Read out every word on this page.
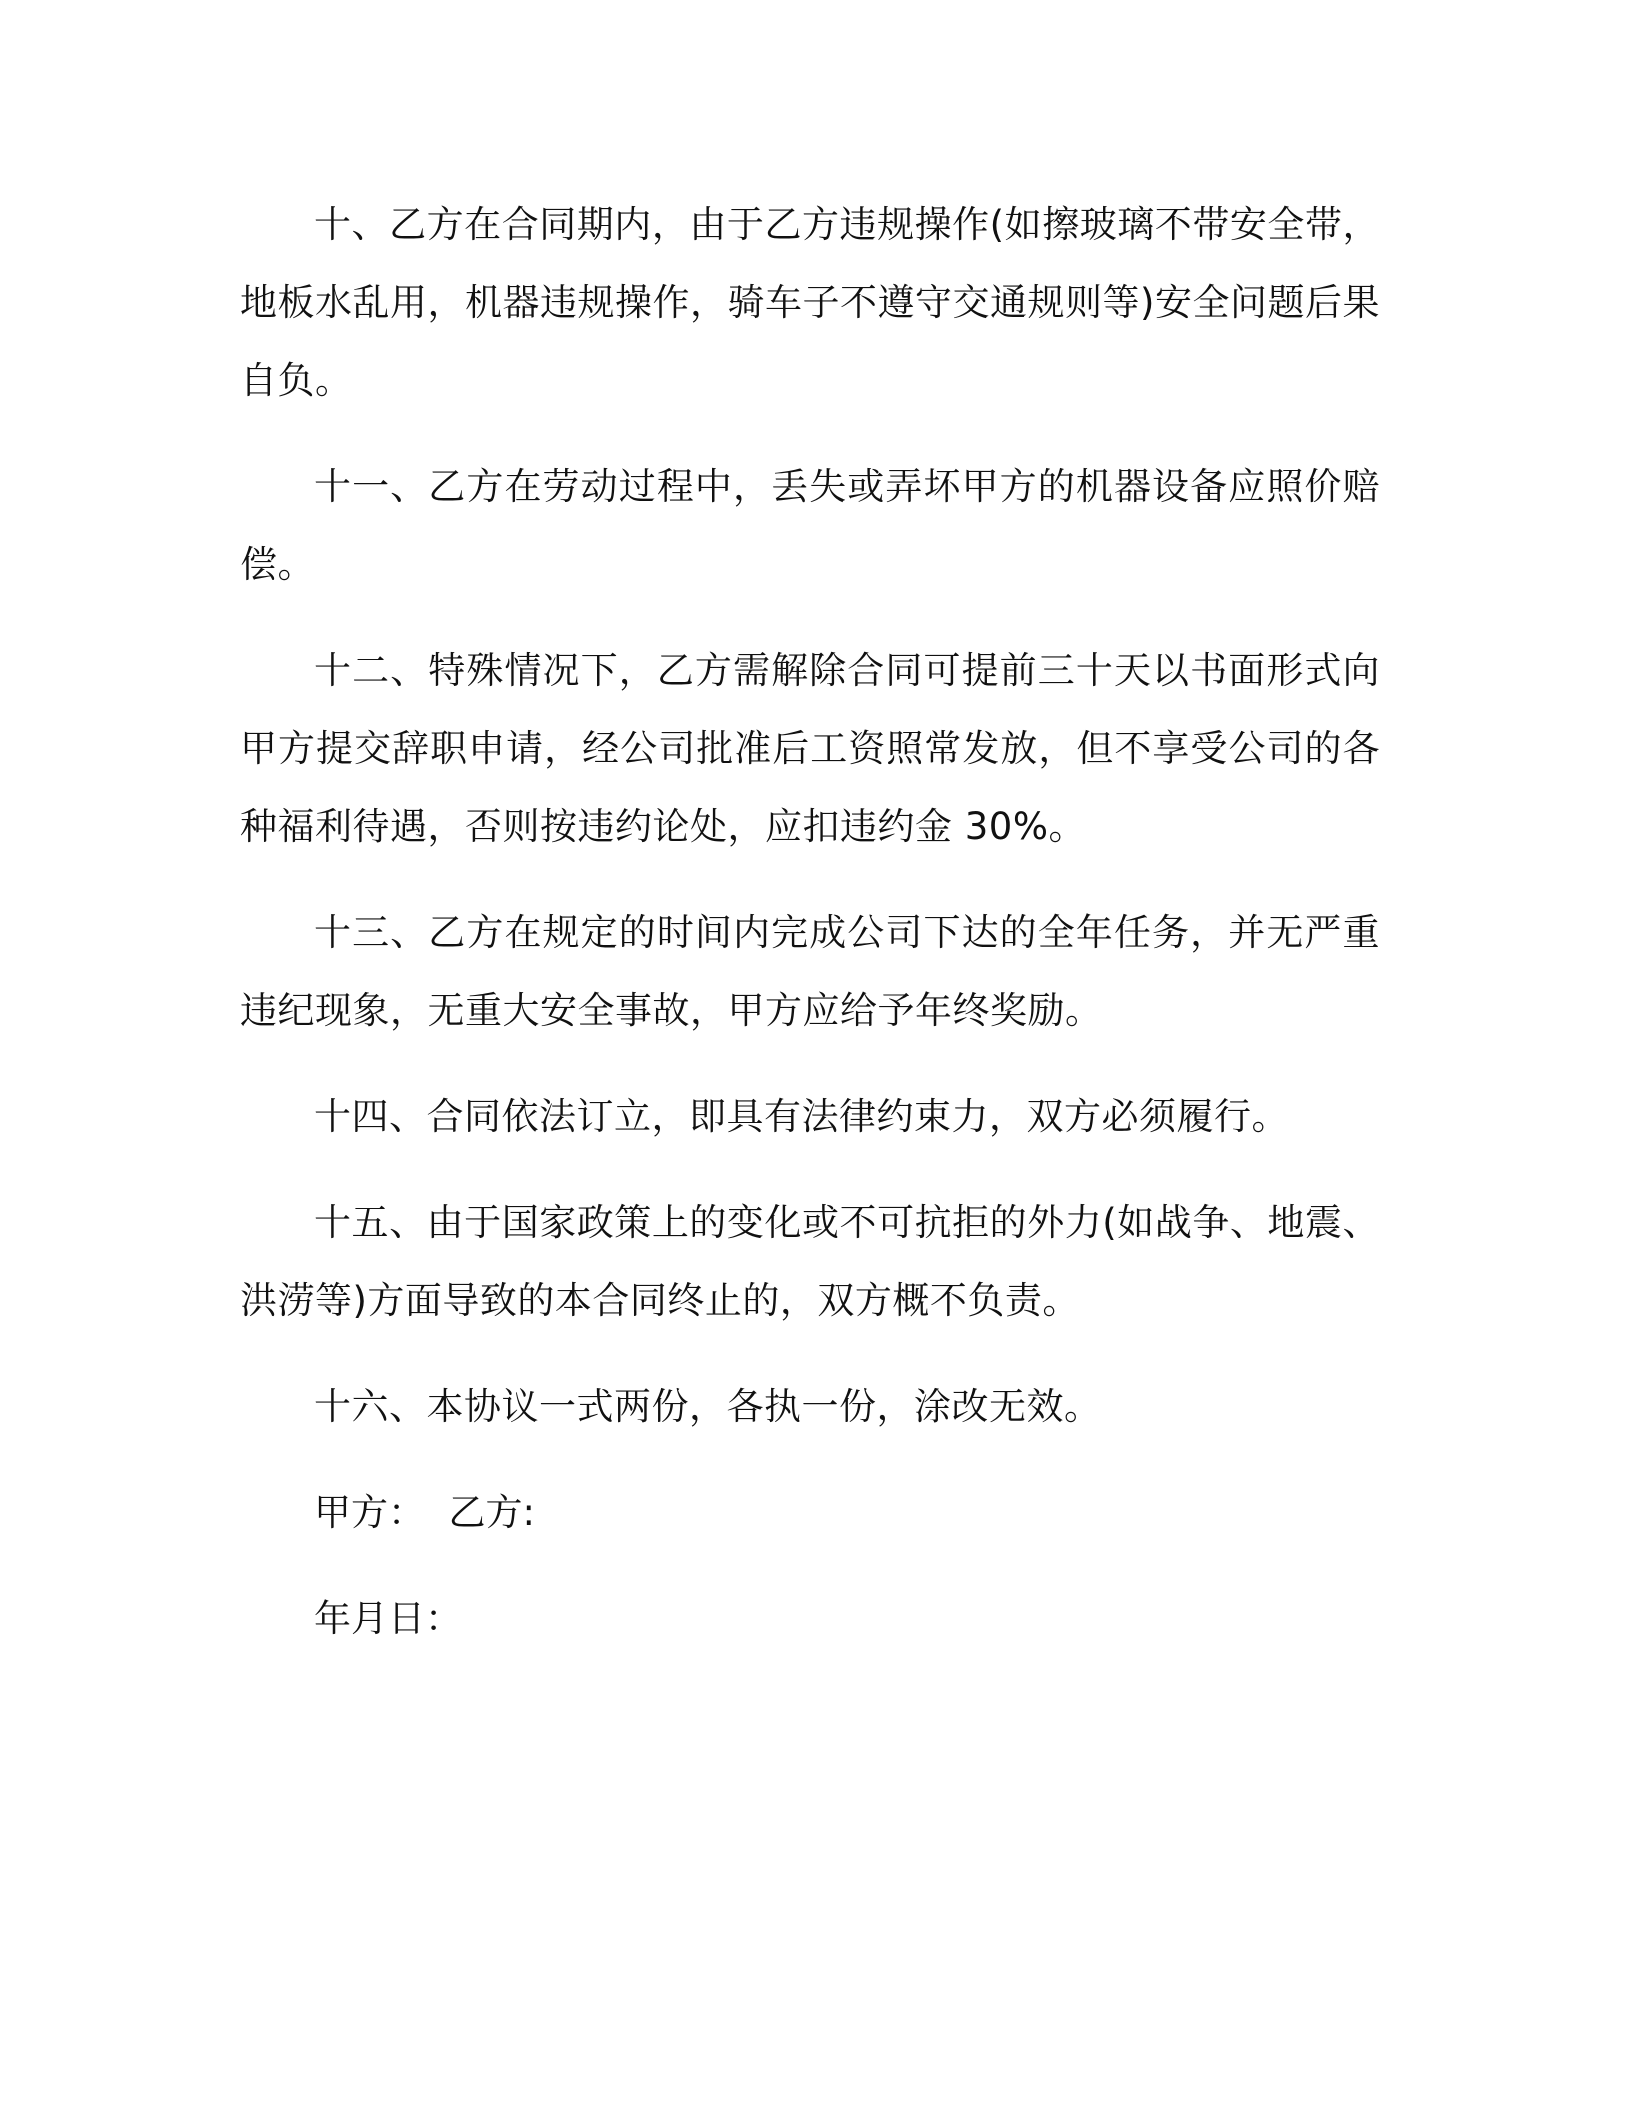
十、乙方在合同期内，由于乙方违规操作(如擦玻璃不带安全带，地板水乱用，机器违规操作，骑车子不遵守交通规则等)安全问题后果自负。

十一、乙方在劳动过程中，丢失或弄坏甲方的机器设备应照价赔偿。

十二、特殊情况下，乙方需解除合同可提前三十天以书面形式向甲方提交辞职申请，经公司批准后工资照常发放，但不享受公司的各种福利待遇，否则按违约论处，应扣违约金 30%。

十三、乙方在规定的时间内完成公司下达的全年任务，并无严重违纪现象，无重大安全事故，甲方应给予年终奖励。

十四、合同依法订立，即具有法律约束力，双方必须履行。

十五、由于国家政策上的变化或不可抗拒的外力(如战争、地震、洪涝等)方面导致的本合同终止的，双方概不负责。

十六、本协议一式两份，各执一份，涂改无效。

甲方：  乙方:

年月日：
